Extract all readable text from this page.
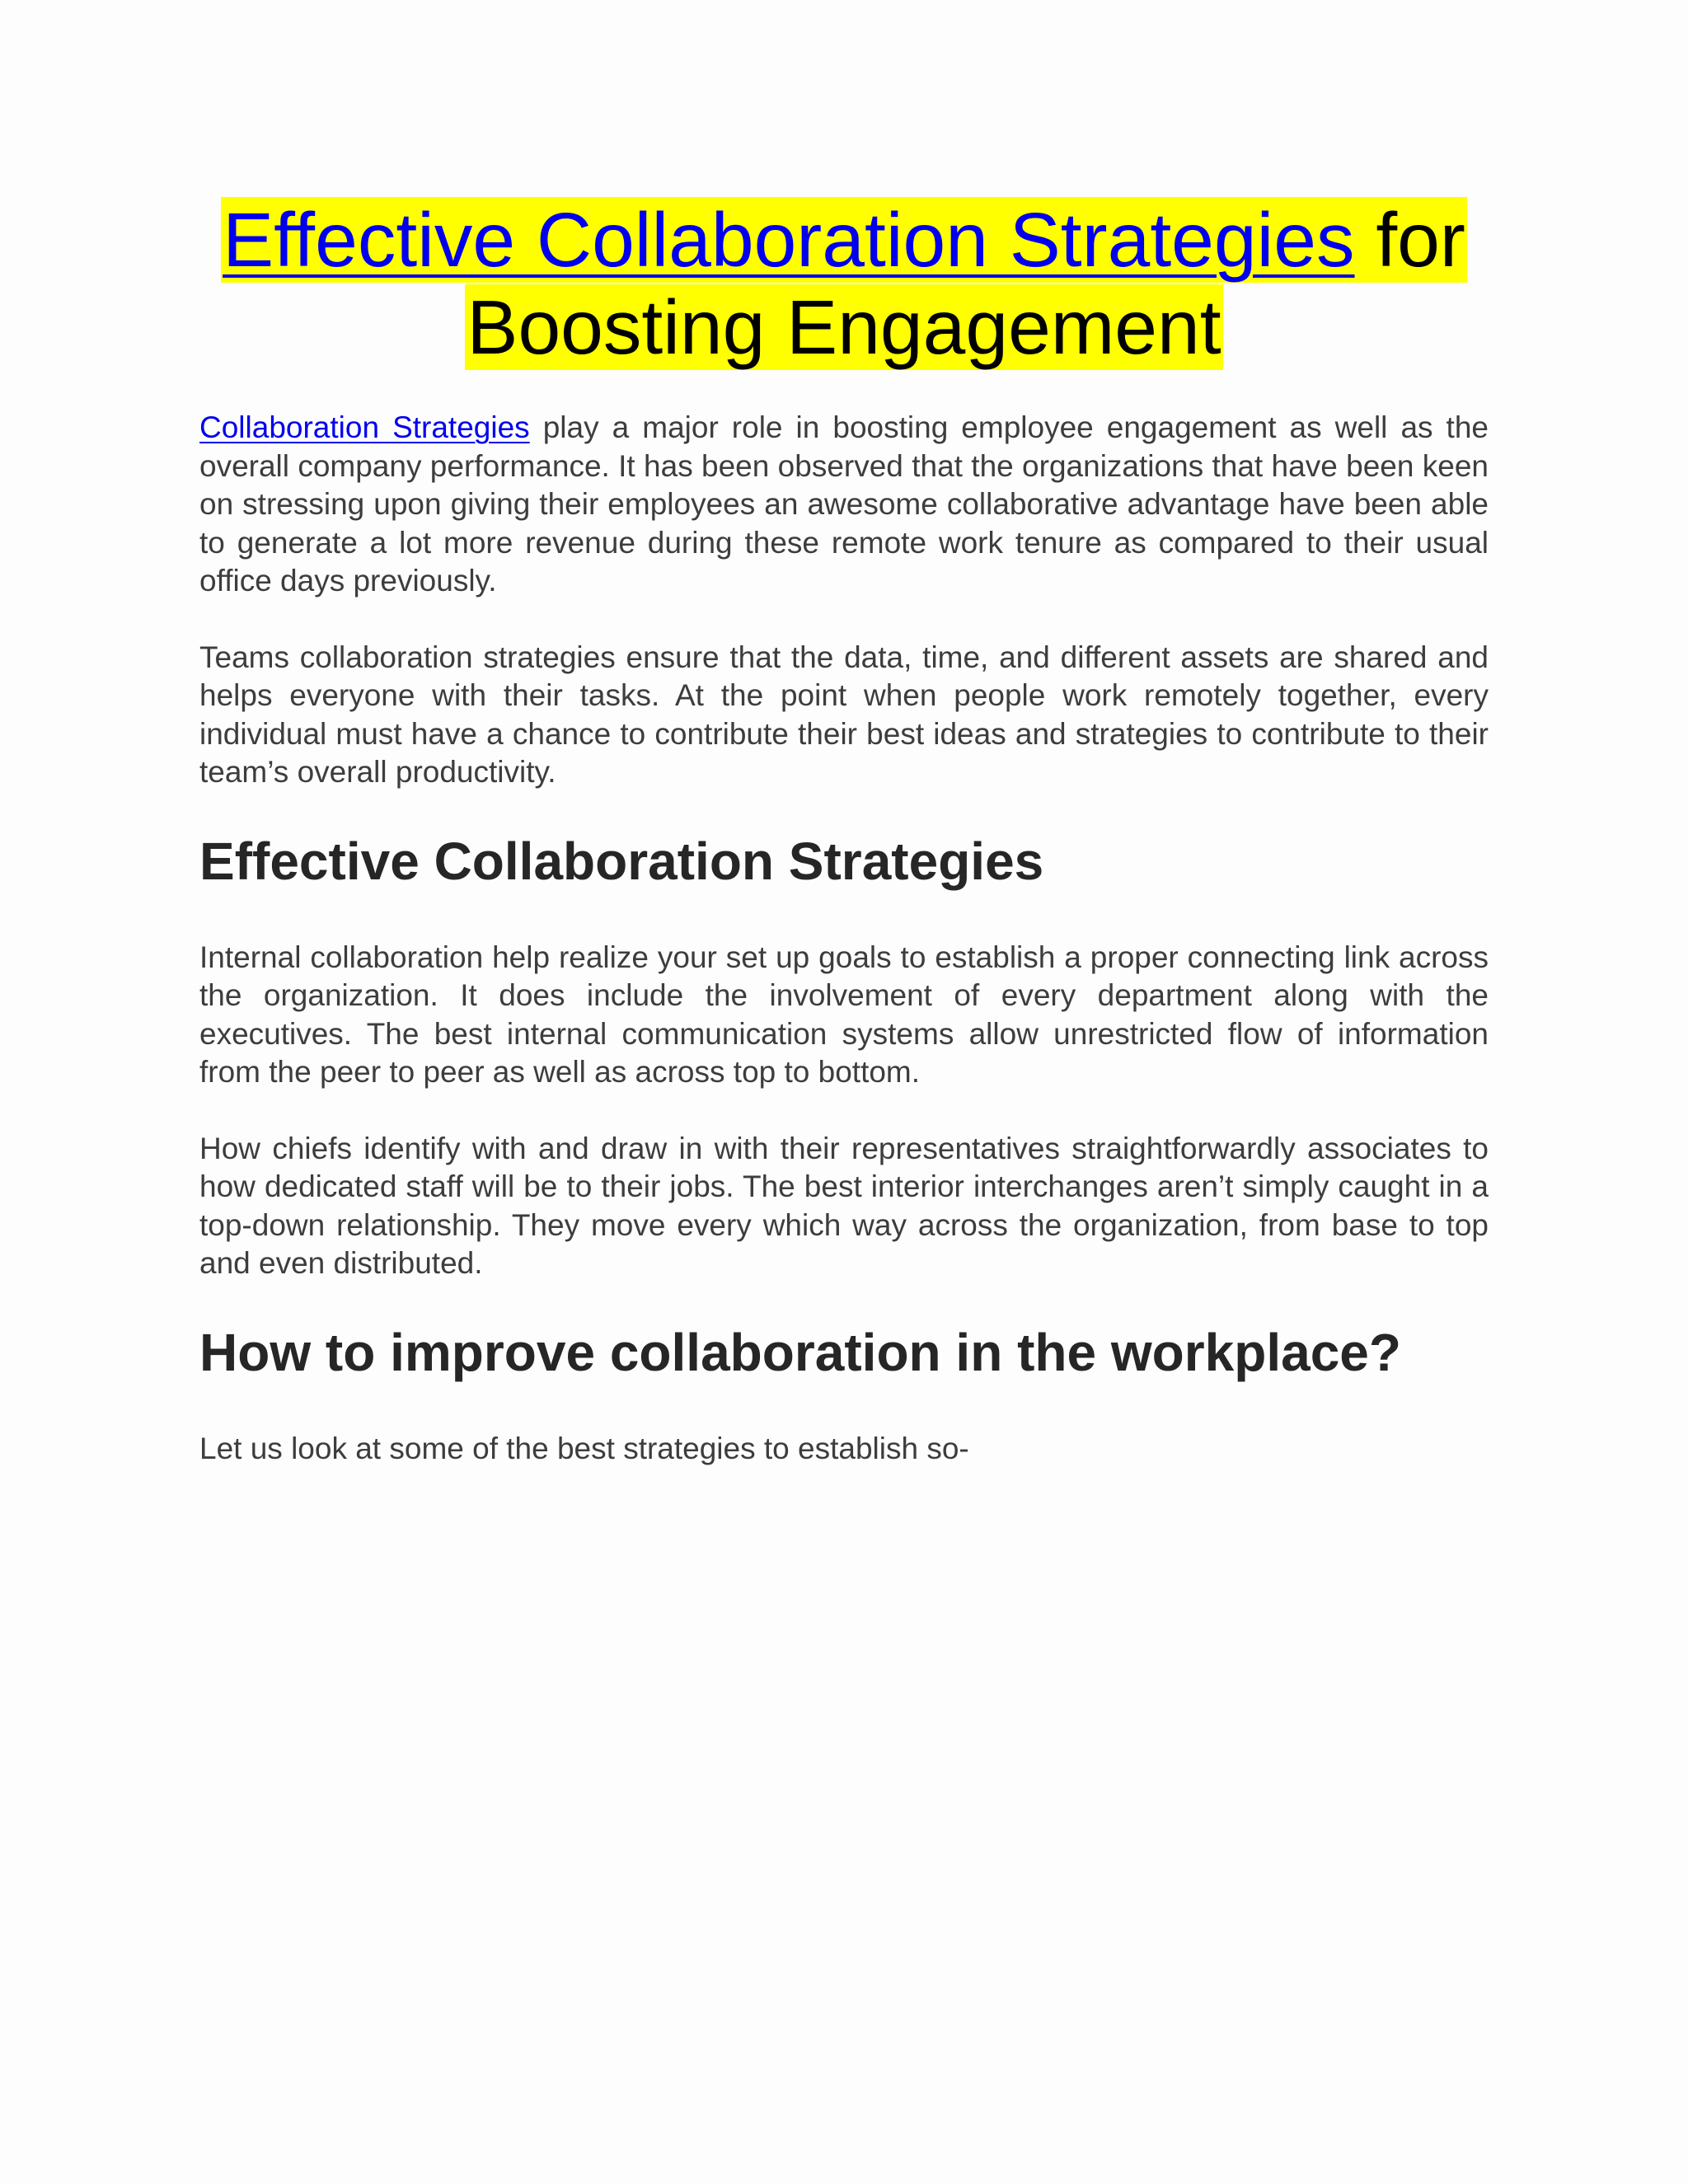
Effective Collaboration Strategies for
Boosting Engagement

Collaboration Strategies play a major role in boosting employee engagement as well as the overall company performance. It has been observed that the organizations that have been keen on stressing upon giving their employees an awesome collaborative advantage have been able to generate a lot more revenue during these remote work tenure as compared to their usual office days previously.

Teams collaboration strategies ensure that the data, time, and different assets are shared and helps everyone with their tasks. At the point when people work remotely together, every individual must have a chance to contribute their best ideas and strategies to contribute to their team’s overall productivity.

Effective Collaboration Strategies

Internal collaboration help realize your set up goals to establish a proper connecting link across the organization. It does include the involvement of every department along with the executives. The best internal communication systems allow unrestricted flow of information from the peer to peer as well as across top to bottom.

How chiefs identify with and draw in with their representatives straightforwardly associates to how dedicated staff will be to their jobs. The best interior interchanges aren’t simply caught in a top-down relationship. They move every which way across the organization, from base to top and even distributed.

How to improve collaboration in the workplace?

Let us look at some of the best strategies to establish so-
